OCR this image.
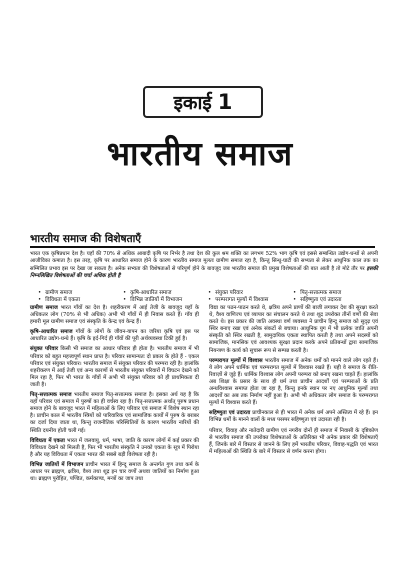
इकाई 1
भारतीय समाज
भारतीय समाज की विशेषताएँ
भारत एक कृषिप्रधान देश है। यहाँ की 70% से अधिक आबादी कृषि पर निर्भर है तथा देश की कुल श्रम शक्ति का लगभग 52% भाग कृषि एवं इससे सम्बन्धित उद्योग-धन्धों से अपनी आजीविका कमाता है। इस तरह, कृषि पर आधारित समाज होने के कारण भारतीय समाज मूलतः ग्रामीण समाज रहा है, किन्तु सिन्धु-घाटी की सभ्यता से लेकर आधुनिक काल तक का सम्मिलित प्रभाव इस पर देखा जा सकता है। अनेक सभ्यता की विशेषताओं से परिपूर्ण होने के बावजूद जब भारतीय समाज की प्रमुख विशेषताओं की बात आती है तो मोटे तौर पर इसकी निम्नलिखित विशेषताओं की चर्चा अधिक होती है
• ग्रामीण समाज	• कृषि-आधारित समाज	• संयुक्त परिवार	• पितृ-सत्तात्मक समाज
• विविधता में एकता	• विभिन्न जातियों में विभाजन	• परम्परागत मूल्यों में विश्वास	• सहिष्णुता एवं उदारता

ग्रामीण समाज भारत गाँवों का देश है। शहरीकरण में आई तेजी के बावजूद यहाँ के अधिकतर लोग (70% से भी अधिक) अभी भी गाँवों में ही निवास करते हैं। गाँव ही हमारी मूल ग्रामीण समाज एवं संस्कृति के केन्द्र एवं केन्द्र हैं।

कृषि-आधारित समाज गाँवों के लोगों के जीवन-यापन का जरिया कृषि एवं इस पर आधारित उद्योग-धन्धे हैं। कृषि के इर्द-गिर्द ही गाँवों की पूरी अर्थव्यवस्था टिकी हुई है।

संयुक्त परिवार किसी भी समाज का आधार परिवार ही होता है। भारतीय समाज में भी परिवार को बहुत महत्त्वपूर्ण स्थान प्राप्त है। परिवार सामान्यतः दो प्रकार के होते हैं - एकल परिवार एवं संयुक्त परिवार। भारतीय समाज में संयुक्त परिवार की परम्परा रही है। हालांकि शहरीकरण में आई तेजी एवं अन्य कारणों से भारतीय संयुक्त परिवारों में विघटन देखने को मिल रहा है, फिर भी भारत के गाँवों में अभी भी संयुक्त परिवार को ही प्राथमिकता दी जाती है।

पितृ-सत्तात्मक समाज भारतीय समाज पितृ-सत्तात्मक समाज है। इसका अर्थ यह है कि यहाँ परिवार एवं समाज में पुरुषों का ही वर्चस्व रहा है। पितृ-सत्तात्मक अर्थात् पुरुष प्रधान समाज होने के बावजूद भारत में महिलाओं के लिए परिवार एवं समाज में विशेष स्थान रहा है। प्राचीन काल में भारतीय स्त्रियों को पारिवारिक एवं सामाजिक कार्यों में पुरुष के बराबर का दर्जा दिया जाता था, किन्तु राजनीतिक परिस्थितियों के कारण भारतीय नारियों की स्थिति दयनीय होती चली गई।

विविधता में एकता भारत में जलवायु, धर्म, भाषा, जाति के कारण लोगों में कई प्रकार की विविधता देखने को मिलती है, फिर भी भारतीय संस्कृति ने उनको एकता के सूत्र में पिरोया है और यह विविधता में एकता भारत की सबसे बड़ी विशेषता रही है।

विभिन्न जातियों में विभाजन प्राचीन भारत में हिन्दू समाज के अन्तर्गत गुण तथा कर्म के आधार पर ब्राह्मण, क्षत्रिय, वैश्य तथा शूद्र इन चार वर्णों अथवा जातियों का निर्माण हुआ था। ब्राह्मण पुरोहित, पण्डित, कर्मकाण्ड, मन्त्रों का जाप तथा

विद्या का पठन-पाठन करते थे, क्षत्रिय अपने प्राणों की बाजी लगाकर देश की सुरक्षा करते थे, वैश्य वाणिज्य एवं व्यापार का संचालन करते थे तथा शूद्र उपरोक्त तीनों वर्णों की सेवा करते थे। इस प्रकार की जाति अवस्था वर्ण व्यवस्था ने प्राचीन हिन्दू समाज को सुदृढ़ एवं स्थिर बनाए रखा एवं अनेक संकटों से बचाया। आधुनिक युग में भी प्रत्येक जाति अपनी संस्कृति को स्थिर रखती है, सामुदायिक एकता स्थापित करती है तथा अपने सदस्यों को सामाजिक, मानसिक एवं आवश्यक सुरक्षा प्रदान करके अपने प्रतिबन्धों द्वारा सामाजिक नियन्त्रण के कार्य को सुचारू रूप से सम्पन्न करती है।

परम्परागत मूल्यों में विश्वास भारतीय समाज में अनेक धर्मों को मानने वाले लोग रहते हैं। ये लोग अपने धार्मिक एवं परम्परागत मूल्यों में विश्वास रखते हैं। यही वे समाज के रीति-रिवाज़ों से जुड़े हैं। धार्मिक विश्वास लोग अपनी परम्परा को बनाए रखना चाहते हैं। हालांकि अब शिक्षा के प्रसार के साथ ही धर्म तथा प्राचीन आदर्शों एवं परम्पराओं के प्रति अन्धविश्वास समाप्त होता जा रहा है, किन्तु इनके स्थान पर नए आधुनिक मूल्यों तथा आदर्शों का अब तक निर्माण नहीं हुआ है। अभी भी अधिकतर लोग समाज के परम्परागत मूल्यों में विश्वास करते हैं।

सहिष्णुता एवं उदारता प्राचीनकाल से ही भारत में अनेक धर्म अपने अस्तित्व में रहे हैं। इन विभिन्न धर्मों के मानने वालों के मध्य परस्पर सहिष्णुता एवं उदारता रही है।

परिवार, विवाह और नातेदारी ग्रामीण एवं नगरीय दोनों ही समाज में निवासी के दृष्टिकोण से भारतीय समाज की उपरोक्त विशेषताओं के अतिरिक्त भी अनेक प्रकार की विशेषताएँ हैं, जिनके बारे में विस्तार से जानने के लिए हमें भारतीय परिवार, विवाह-पद्धति एवं भारत में महिलाओं की स्थिति के बारे में विस्तार से वर्णन करना होगा।
